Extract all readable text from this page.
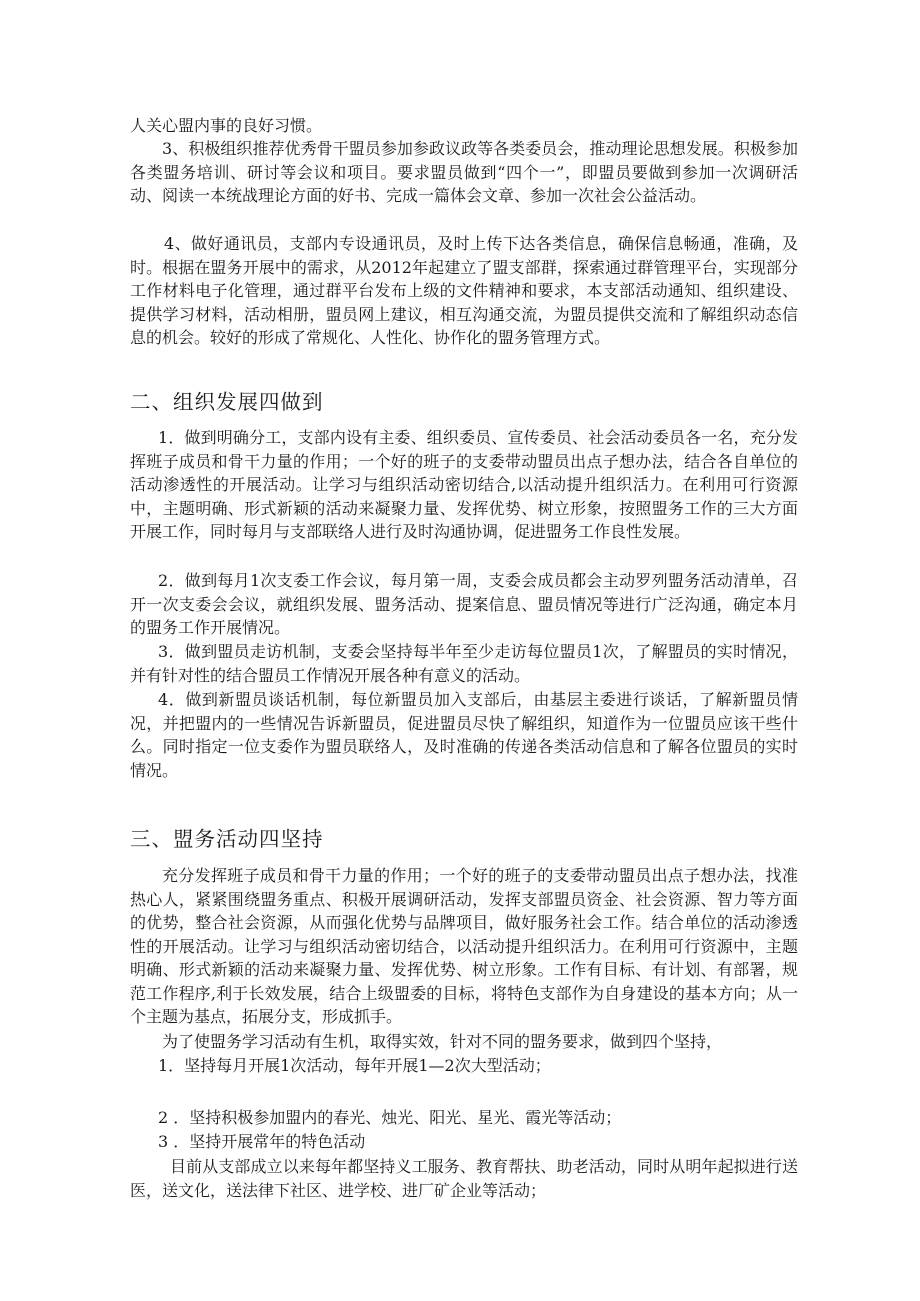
人关心盟内事的良好习惯。

3、积极组织推荐优秀骨干盟员参加参政议政等各类委员会，推动理论思想发展。积极参加各类盟务培训、研讨等会议和项目。要求盟员做到“四个一”，即盟员要做到参加一次调研活动、阅读一本统战理论方面的好书、完成一篇体会文章、参加一次社会公益活动。

4、做好通讯员，支部内专设通讯员，及时上传下达各类信息，确保信息畅通，准确，及时。根据在盟务开展中的需求，从2012年起建立了盟支部群，探索通过群管理平台，实现部分工作材料电子化管理，通过群平台发布上级的文件精神和要求，本支部活动通知、组织建设、提供学习材料，活动相册，盟员网上建议，相互沟通交流，为盟员提供交流和了解组织动态信息的机会。较好的形成了常规化、人性化、协作化的盟务管理方式。

二、组织发展四做到

1．做到明确分工，支部内设有主委、组织委员、宣传委员、社会活动委员各一名，充分发挥班子成员和骨干力量的作用；一个好的班子的支委带动盟员出点子想办法，结合各自单位的活动渗透性的开展活动。让学习与组织活动密切结合,以活动提升组织活力。在利用可行资源中，主题明确、形式新颖的活动来凝聚力量、发挥优势、树立形象，按照盟务工作的三大方面开展工作，同时每月与支部联络人进行及时沟通协调，促进盟务工作良性发展。

2．做到每月1次支委工作会议，每月第一周，支委会成员都会主动罗列盟务活动清单，召开一次支委会会议，就组织发展、盟务活动、提案信息、盟员情况等进行广泛沟通，确定本月的盟务工作开展情况。

3．做到盟员走访机制，支委会坚持每半年至少走访每位盟员1次，了解盟员的实时情况，并有针对性的结合盟员工作情况开展各种有意义的活动。

4．做到新盟员谈话机制，每位新盟员加入支部后，由基层主委进行谈话，了解新盟员情况，并把盟内的一些情况告诉新盟员，促进盟员尽快了解组织，知道作为一位盟员应该干些什么。同时指定一位支委作为盟员联络人，及时准确的传递各类活动信息和了解各位盟员的实时情况。

三、盟务活动四坚持

充分发挥班子成员和骨干力量的作用；一个好的班子的支委带动盟员出点子想办法，找准热心人，紧紧围绕盟务重点、积极开展调研活动，发挥支部盟员资金、社会资源、智力等方面的优势，整合社会资源，从而强化优势与品牌项目，做好服务社会工作。结合单位的活动渗透性的开展活动。让学习与组织活动密切结合，以活动提升组织活力。在利用可行资源中，主题明确、形式新颖的活动来凝聚力量、发挥优势、树立形象。工作有目标、有计划、有部署，规范工作程序,利于长效发展，结合上级盟委的目标，将特色支部作为自身建设的基本方向；从一个主题为基点，拓展分支，形成抓手。

为了使盟务学习活动有生机，取得实效，针对不同的盟务要求，做到四个坚持，

1．坚持每月开展1次活动，每年开展1—2次大型活动；

2 ．坚持积极参加盟内的春光、烛光、阳光、星光、霞光等活动；

3 ．坚持开展常年的特色活动

目前从支部成立以来每年都坚持义工服务、教育帮扶、助老活动，同时从明年起拟进行送医，送文化，送法律下社区、进学校、进厂矿企业等活动；
